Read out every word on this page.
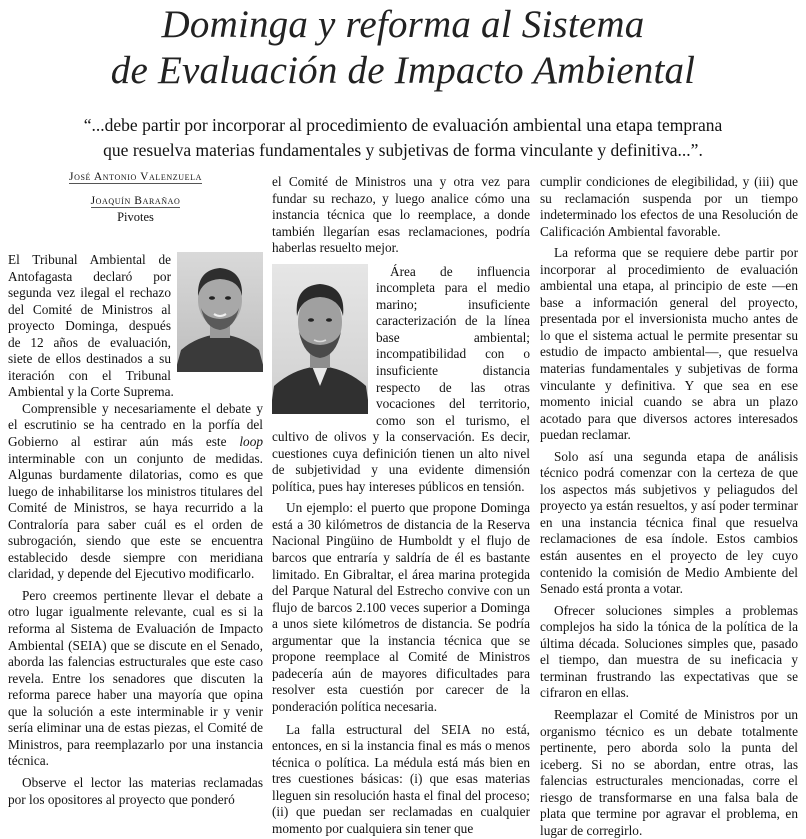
Dominga y reforma al Sistema
de Evaluación de Impacto Ambiental
“...debe partir por incorporar al procedimiento de evaluación ambiental una etapa temprana
que resuelva materias fundamentales y subjetivas de forma vinculante y definitiva...”.
José Antonio Valenzuela
Joaquín Barañao
Pivotes

El Tribunal Ambiental de Antofagasta declaró por segunda vez ilegal el rechazo del Comité de Ministros al proyecto Dominga, después de 12 años de evaluación, siete de ellos destinados a su iteración con el Tribunal Ambiental y la Corte Suprema.

Comprensible y necesariamente el debate y el escrutinio se ha centrado en la porfía del Gobierno al estirar aún más este loop interminable con un conjunto de medidas. Algunas burdamente dilatorias, como es que luego de inhabilitarse los ministros titulares del Comité de Ministros, se haya recurrido a la Contraloría para saber cuál es el orden de subrogación, siendo que este se encuentra establecido desde siempre con meridiana claridad, y depende del Ejecutivo modificarlo.

Pero creemos pertinente llevar el debate a otro lugar igualmente relevante, cual es si la reforma al Sistema de Evaluación de Impacto Ambiental (SEIA) que se discute en el Senado, aborda las falencias estructurales que este caso revela. Entre los senadores que discuten la reforma parece haber una mayoría que opina que la solución a este interminable ir y venir sería eliminar una de estas piezas, el Comité de Ministros, para reemplazarlo por una instancia técnica.

Observe el lector las materias reclamadas por los opositores al proyecto que ponderó

el Comité de Ministros una y otra vez para fundar su rechazo, y luego analice cómo una instancia técnica que lo reemplace, a donde también llegarían esas reclamaciones, podría haberlas resuelto mejor.

Área de influencia incompleta para el medio marino; insuficiente caracterización de la línea base ambiental; incompatibilidad con o insuficiente distancia respecto de las otras vocaciones del territorio, como son el turismo, el cultivo de olivos y la conservación. Es decir, cuestiones cuya definición tienen un alto nivel de subjetividad y una evidente dimensión política, pues hay intereses públicos en tensión.

Un ejemplo: el puerto que propone Dominga está a 30 kilómetros de distancia de la Reserva Nacional Pingüino de Humboldt y el flujo de barcos que entraría y saldría de él es bastante limitado. En Gibraltar, el área marina protegida del Parque Natural del Estrecho convive con un flujo de barcos 2.100 veces superior a Dominga a unos siete kilómetros de distancia. Se podría argumentar que la instancia técnica que se propone reemplace al Comité de Ministros padecería aún de mayores dificultades para resolver esta cuestión por carecer de la ponderación política necesaria.

La falla estructural del SEIA no está, entonces, en si la instancia final es más o menos técnica o política. La médula está más bien en tres cuestiones básicas: (i) que esas materias lleguen sin resolución hasta el final del proceso; (ii) que puedan ser reclamadas en cualquier momento por cualquiera sin tener que

cumplir condiciones de elegibilidad, y (iii) que su reclamación suspenda por un tiempo indeterminado los efectos de una Resolución de Calificación Ambiental favorable.

La reforma que se requiere debe partir por incorporar al procedimiento de evaluación ambiental una etapa, al principio de este —en base a información general del proyecto, presentada por el inversionista mucho antes de lo que el sistema actual le permite presentar su estudio de impacto ambiental—, que resuelva materias fundamentales y subjetivas de forma vinculante y definitiva. Y que sea en ese momento inicial cuando se abra un plazo acotado para que diversos actores interesados puedan reclamar.

Solo así una segunda etapa de análisis técnico podrá comenzar con la certeza de que los aspectos más subjetivos y peliagudos del proyecto ya están resueltos, y así poder terminar en una instancia técnica final que resuelva reclamaciones de esa índole. Estos cambios están ausentes en el proyecto de ley cuyo contenido la comisión de Medio Ambiente del Senado está pronta a votar.

Ofrecer soluciones simples a problemas complejos ha sido la tónica de la política de la última década. Soluciones simples que, pasado el tiempo, dan muestra de su ineficacia y terminan frustrando las expectativas que se cifraron en ellas.

Reemplazar el Comité de Ministros por un organismo técnico es un debate totalmente pertinente, pero aborda solo la punta del iceberg. Si no se abordan, entre otras, las falencias estructurales mencionadas, corre el riesgo de transformarse en una falsa bala de plata que termine por agravar el problema, en lugar de corregirlo.
